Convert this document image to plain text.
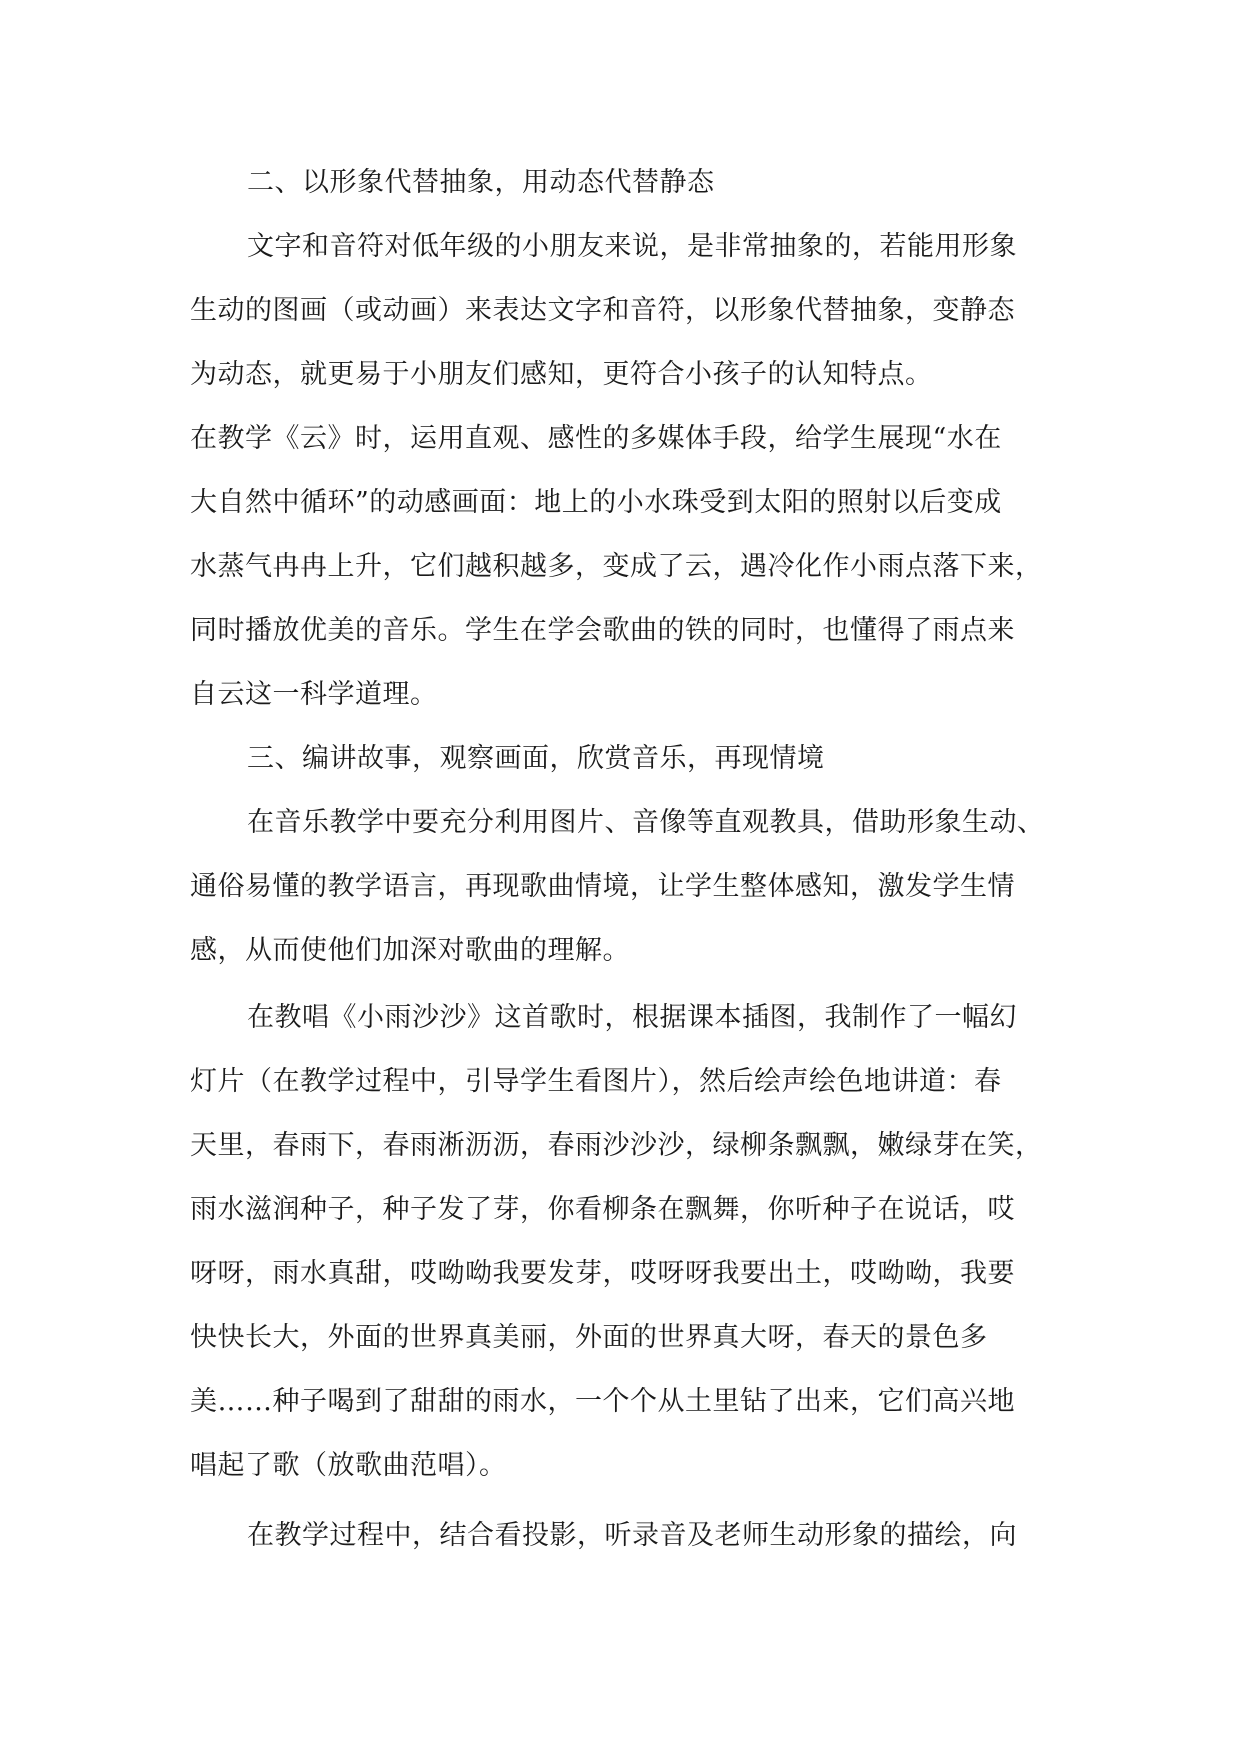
二、以形象代替抽象，用动态代替静态
文字和音符对低年级的小朋友来说，是非常抽象的，若能用形象
生动的图画（或动画）来表达文字和音符，以形象代替抽象，变静态
为动态，就更易于小朋友们感知，更符合小孩子的认知特点。
在教学《云》时，运用直观、感性的多媒体手段，给学生展现“水在
大自然中循环”的动感画面：地上的小水珠受到太阳的照射以后变成
水蒸气冉冉上升，它们越积越多，变成了云，遇冷化作小雨点落下来，
同时播放优美的音乐。学生在学会歌曲的铁的同时，也懂得了雨点来
自云这一科学道理。
三、编讲故事，观察画面，欣赏音乐，再现情境
在音乐教学中要充分利用图片、音像等直观教具，借助形象生动、
通俗易懂的教学语言，再现歌曲情境，让学生整体感知，激发学生情
感，从而使他们加深对歌曲的理解。
在教唱《小雨沙沙》这首歌时，根据课本插图，我制作了一幅幻
灯片（在教学过程中，引导学生看图片），然后绘声绘色地讲道：春
天里，春雨下，春雨淅沥沥，春雨沙沙沙，绿柳条飘飘，嫩绿芽在笑，
雨水滋润种子，种子发了芽，你看柳条在飘舞，你听种子在说话，哎
呀呀，雨水真甜，哎呦呦我要发芽，哎呀呀我要出土，哎呦呦，我要
快快长大，外面的世界真美丽，外面的世界真大呀，春天的景色多
美……种子喝到了甜甜的雨水，一个个从土里钻了出来，它们高兴地
唱起了歌（放歌曲范唱）。
在教学过程中，结合看投影，听录音及老师生动形象的描绘，向
